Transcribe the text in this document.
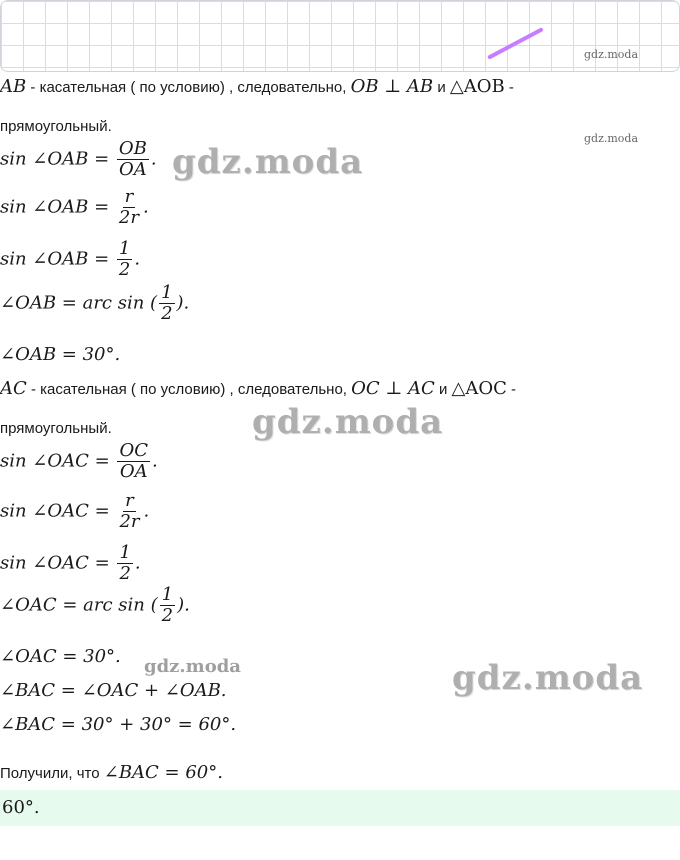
gdz.moda
gdz.moda
gdz.moda
gdz.moda
gdz.moda	gdz.moda
AB - касательная ( по условию) , следовательно, OB ⊥ AB и △AOB -
прямоугольный.
sin ∠OAB = $\frac{OB}{OA}$ .
sin ∠OAB = $\frac{r}{2r}$ .
sin ∠OAB = $\frac{1}{2}$ .
∠OAB = arc sin ( $\frac{1}{2}$ ).
∠OAB = 30°.
AC - касательная ( по условию) , следовательно, OC ⊥ AC и △AOC -
прямоугольный.
sin ∠OAC = $\frac{OC}{OA}$ .
sin ∠OAC = $\frac{r}{2r}$ .
sin ∠OAC = $\frac{1}{2}$ .
∠OAC = arc sin ( $\frac{1}{2}$ ).
∠OAC = 30°.
∠BAC = ∠OAC + ∠OAB.
∠BAC = 30° + 30° = 60°.
Получили, что ∠BAC = 60°.
60°.
